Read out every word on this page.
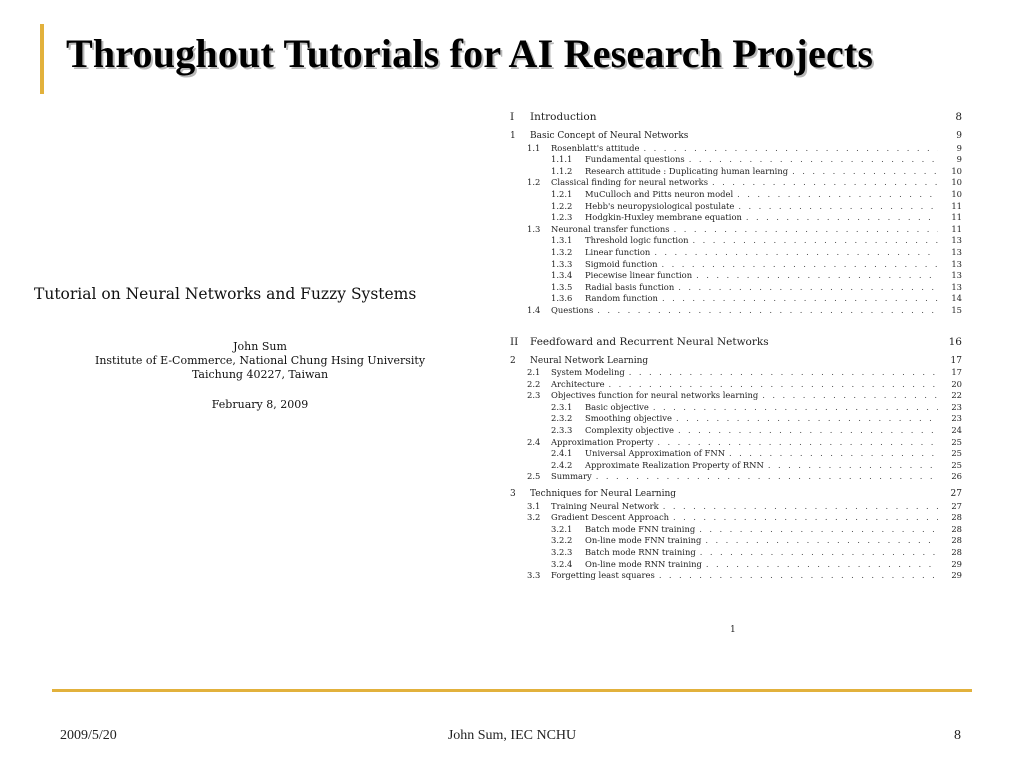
Throughout Tutorials for AI Research Projects
Tutorial on Neural Networks and Fuzzy Systems
John Sum
Institute of E-Commerce, National Chung Hsing University
Taichung 40227, Taiwan
February 8, 2009
I	Introduction	8
1	Basic Concept of Neural Networks	9
1.1	Rosenblatt's attitude . . .	9
1.1.1	Fundamental questions . . .	9
1.1.2	Research attitude : Duplicating human learning . . .	10
1.2	Classical finding for neural networks . . .	10
1.2.1	MuCulloch and Pitts neuron model . . .	10
1.2.2	Hebb's neuropysiological postulate . . .	11
1.2.3	Hodgkin-Huxley membrane equation . . .	11
1.3	Neuronal transfer functions . . .	11
1.3.1	Threshold logic function . . .	13
1.3.2	Linear function . . .	13
1.3.3	Sigmoid function . . .	13
1.3.4	Piecewise linear function . . .	13
1.3.5	Radial basis function . . .	13
1.3.6	Random function . . .	14
1.4	Questions . . .	15
II	Feedfoward and Recurrent Neural Networks	16
2	Neural Network Learning	17
2.1	System Modeling . . .	17
2.2	Architecture . . .	20
2.3	Objectives function for neural networks learning . . .	22
2.3.1	Basic objective . . .	23
2.3.2	Smoothing objective . . .	23
2.3.3	Complexity objective . . .	24
2.4	Approximation Property . . .	25
2.4.1	Universal Approximation of FNN . . .	25
2.4.2	Approximate Realization Property of RNN . . .	25
2.5	Summary . . .	26
3	Techniques for Neural Learning	27
3.1	Training Neural Network . . .	27
3.2	Gradient Descent Approach . . .	28
3.2.1	Batch mode FNN training . . .	28
3.2.2	On-line mode FNN training . . .	28
3.2.3	Batch mode RNN training . . .	28
3.2.4	On-line mode RNN training . . .	29
3.3	Forgetting least squares . . .	29
1
2009/5/20	John Sum, IEC NCHU	8
